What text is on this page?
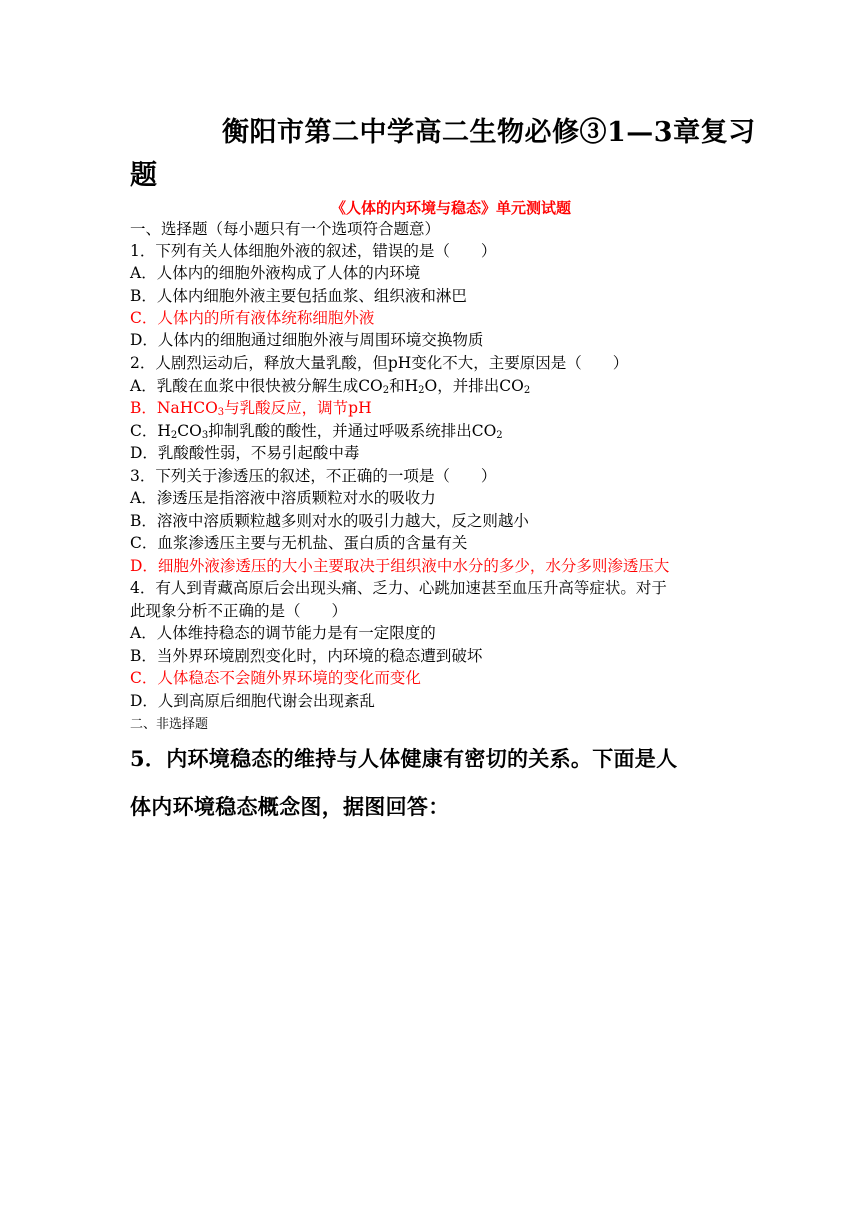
衡阳市第二中学高二生物必修③1—3章复习
题
《人体的内环境与稳态》单元测试题
一、选择题（每小题只有一个选项符合题意）
1．下列有关人体细胞外液的叙述，错误的是（　　）
A．人体内的细胞外液构成了人体的内环境
B．人体内细胞外液主要包括血浆、组织液和淋巴
C．人体内的所有液体统称细胞外液
D．人体内的细胞通过细胞外液与周围环境交换物质
2．人剧烈运动后，释放大量乳酸，但pH变化不大，主要原因是（　　）
A．乳酸在血浆中很快被分解生成$CO_2$和$H_2O$，并排出$CO_2$
B．NaHCO$_3$与乳酸反应，调节pH
C．$H_2CO_3$抑制乳酸的酸性，并通过呼吸系统排出$CO_2$
D．乳酸酸性弱，不易引起酸中毒
3．下列关于渗透压的叙述，不正确的一项是（　　）
A．渗透压是指溶液中溶质颗粒对水的吸收力
B．溶液中溶质颗粒越多则对水的吸引力越大，反之则越小
C．血浆渗透压主要与无机盐、蛋白质的含量有关
D．细胞外液渗透压的大小主要取决于组织液中水分的多少，水分多则渗透压大
4．有人到青藏高原后会出现头痛、乏力、心跳加速甚至血压升高等症状。对于
此现象分析不正确的是（　　）
A．人体维持稳态的调节能力是有一定限度的
B．当外界环境剧烈变化时，内环境的稳态遭到破坏
C．人体稳态不会随外界环境的变化而变化
D．人到高原后细胞代谢会出现紊乱
二、非选择题
5．内环境稳态的维持与人体健康有密切的关系。下面是人
体内环境稳态概念图，据图回答：
